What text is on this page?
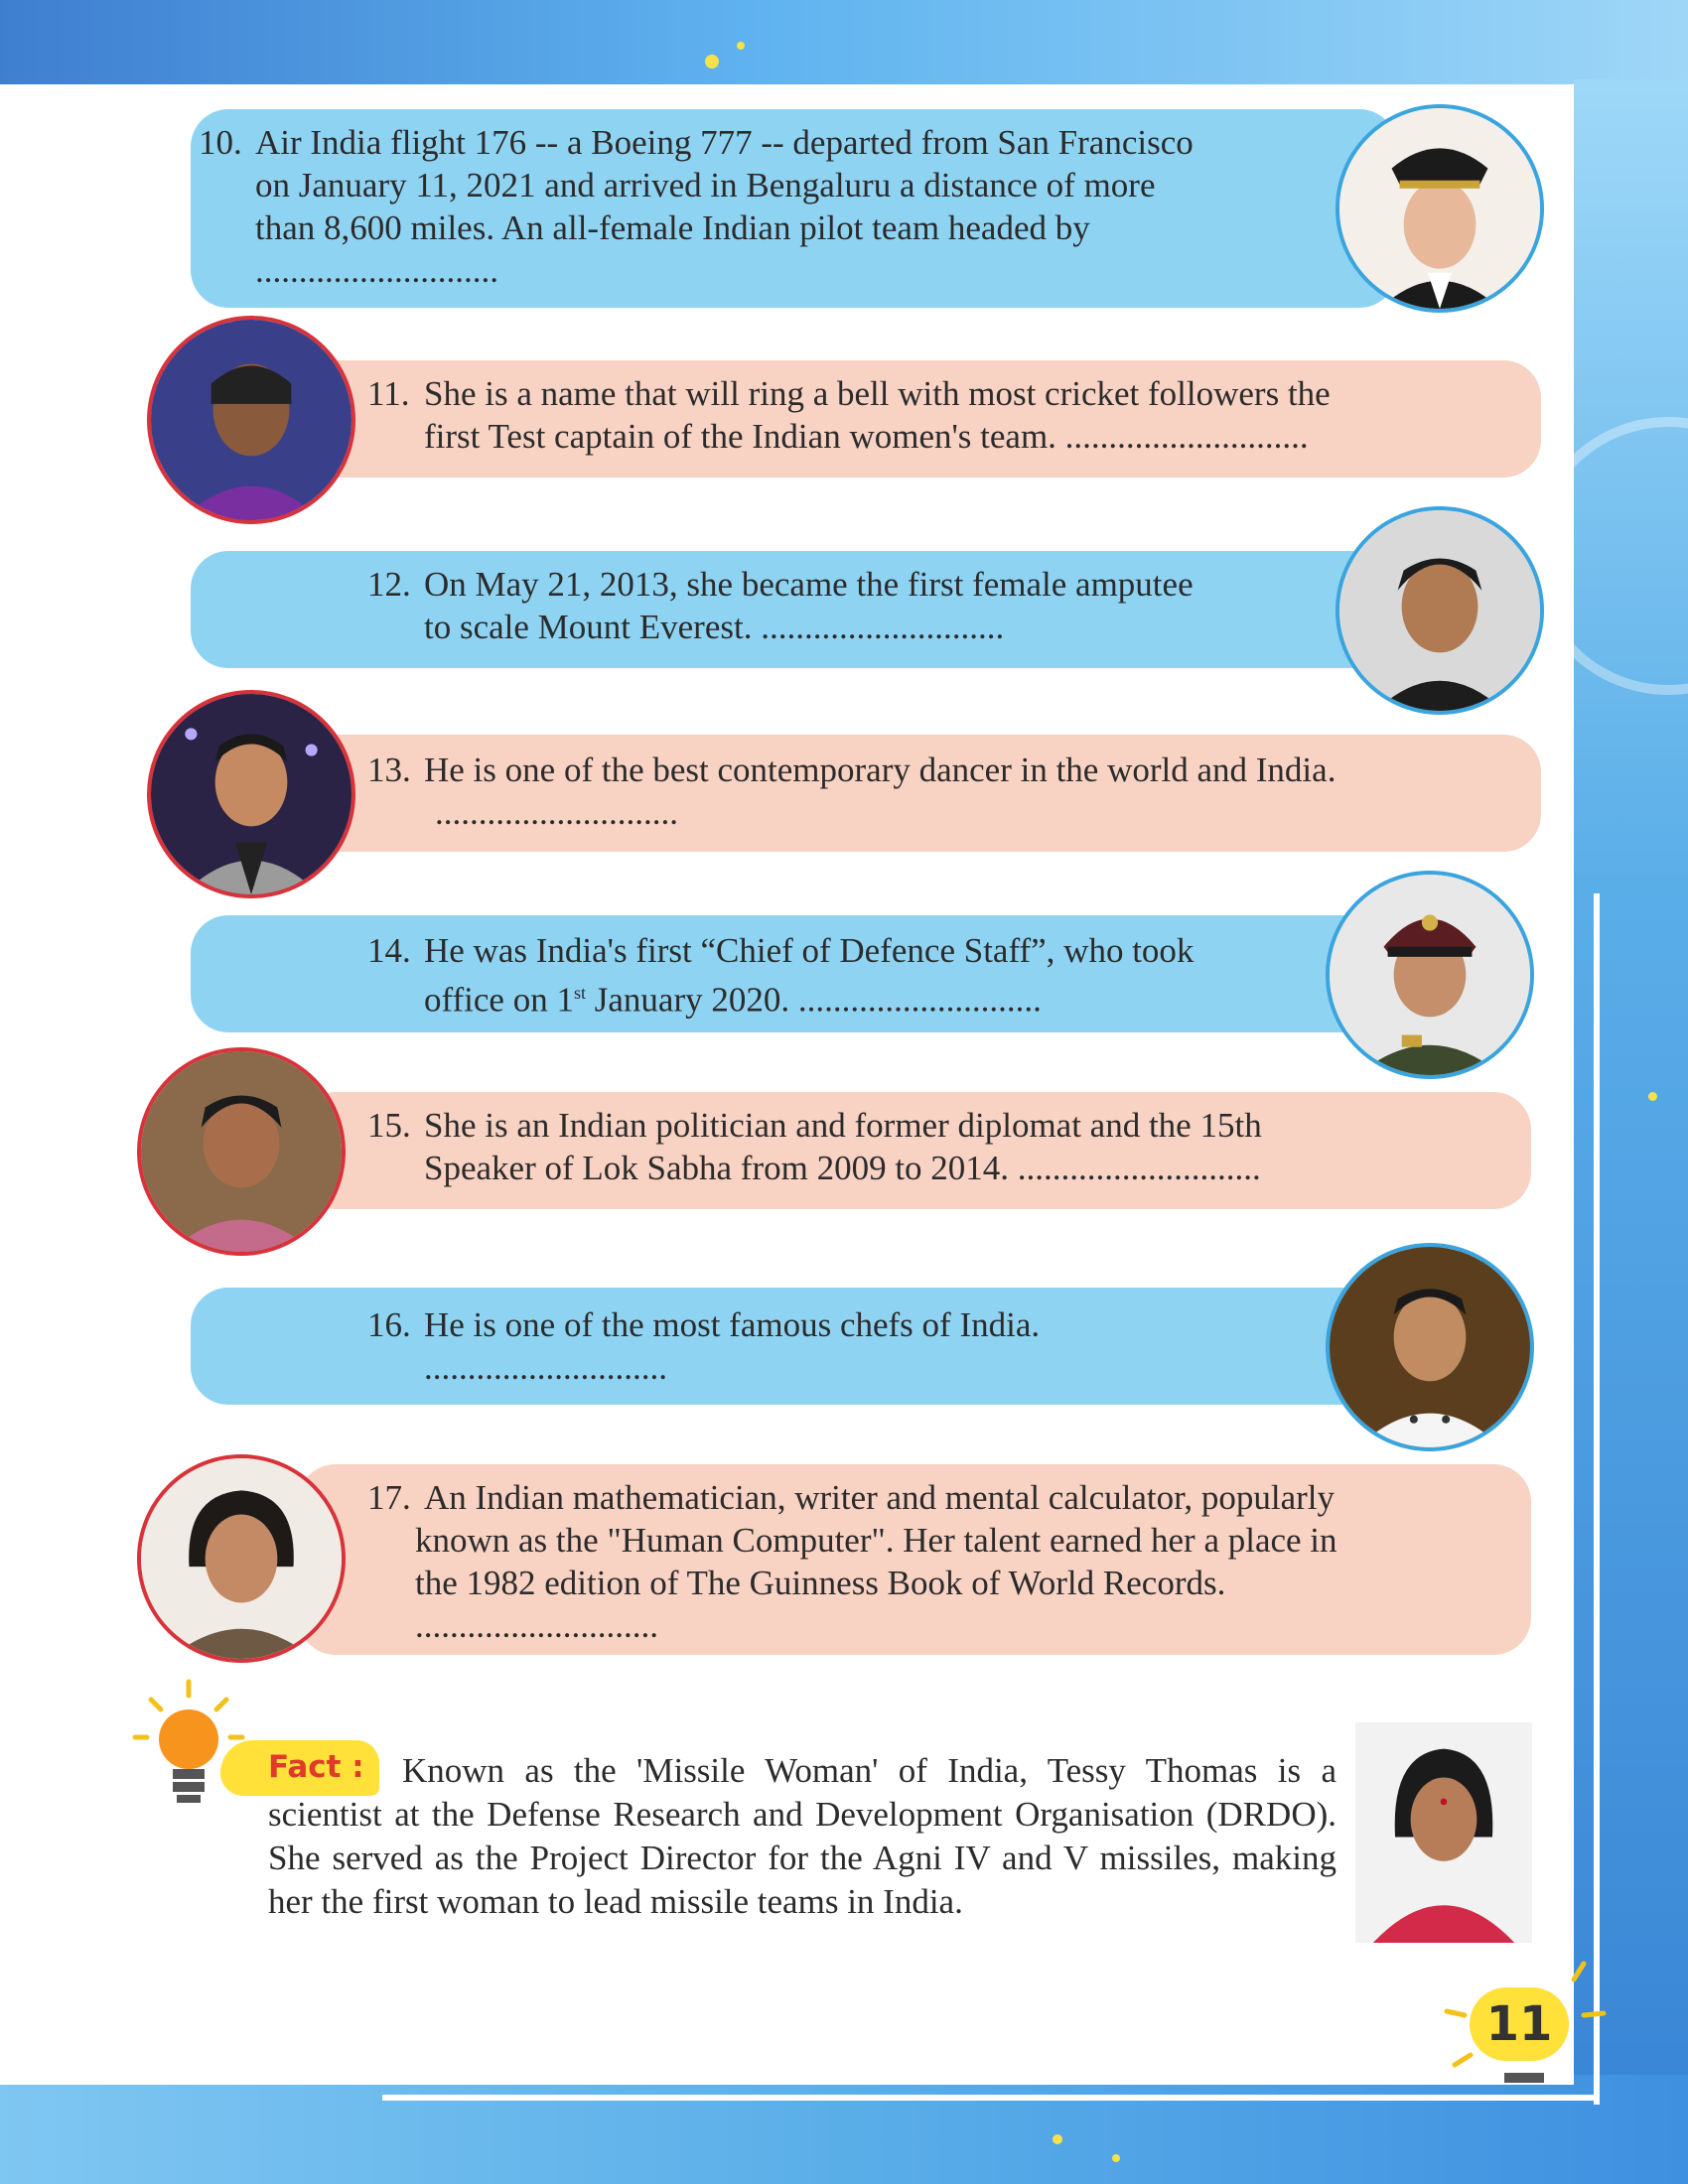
10. Air India flight 176 -- a Boeing 777 -- departed from San Francisco
on January 11, 2021 and arrived in Bengaluru a distance of more
than 8,600 miles. An all-female Indian pilot team headed by
............................
11. She is a name that will ring a bell with most cricket followers the
first Test captain of the Indian women's team. ............................
12. On May 21, 2013, she became the first female amputee
to scale Mount Everest. ............................
13. He is one of the best contemporary dancer in the world and India.
............................
14. He was India's first “Chief of Defence Staff”, who took
office on 1st January 2020. ............................
15. She is an Indian politician and former diplomat and the 15th
Speaker of Lok Sabha from 2009 to 2014. ............................
16. He is one of the most famous chefs of India.
............................
17. An Indian mathematician, writer and mental calculator, popularly
known as the "Human Computer". Her talent earned her a place in
the 1982 edition of The Guinness Book of World Records.
............................
Fact :	Known as the 'Missile Woman' of India, Tessy Thomas is a scientist at the Defense Research and Development Organisation (DRDO). She served as the Project Director for the Agni IV and V missiles, making her the first woman to lead missile teams in India.
11
